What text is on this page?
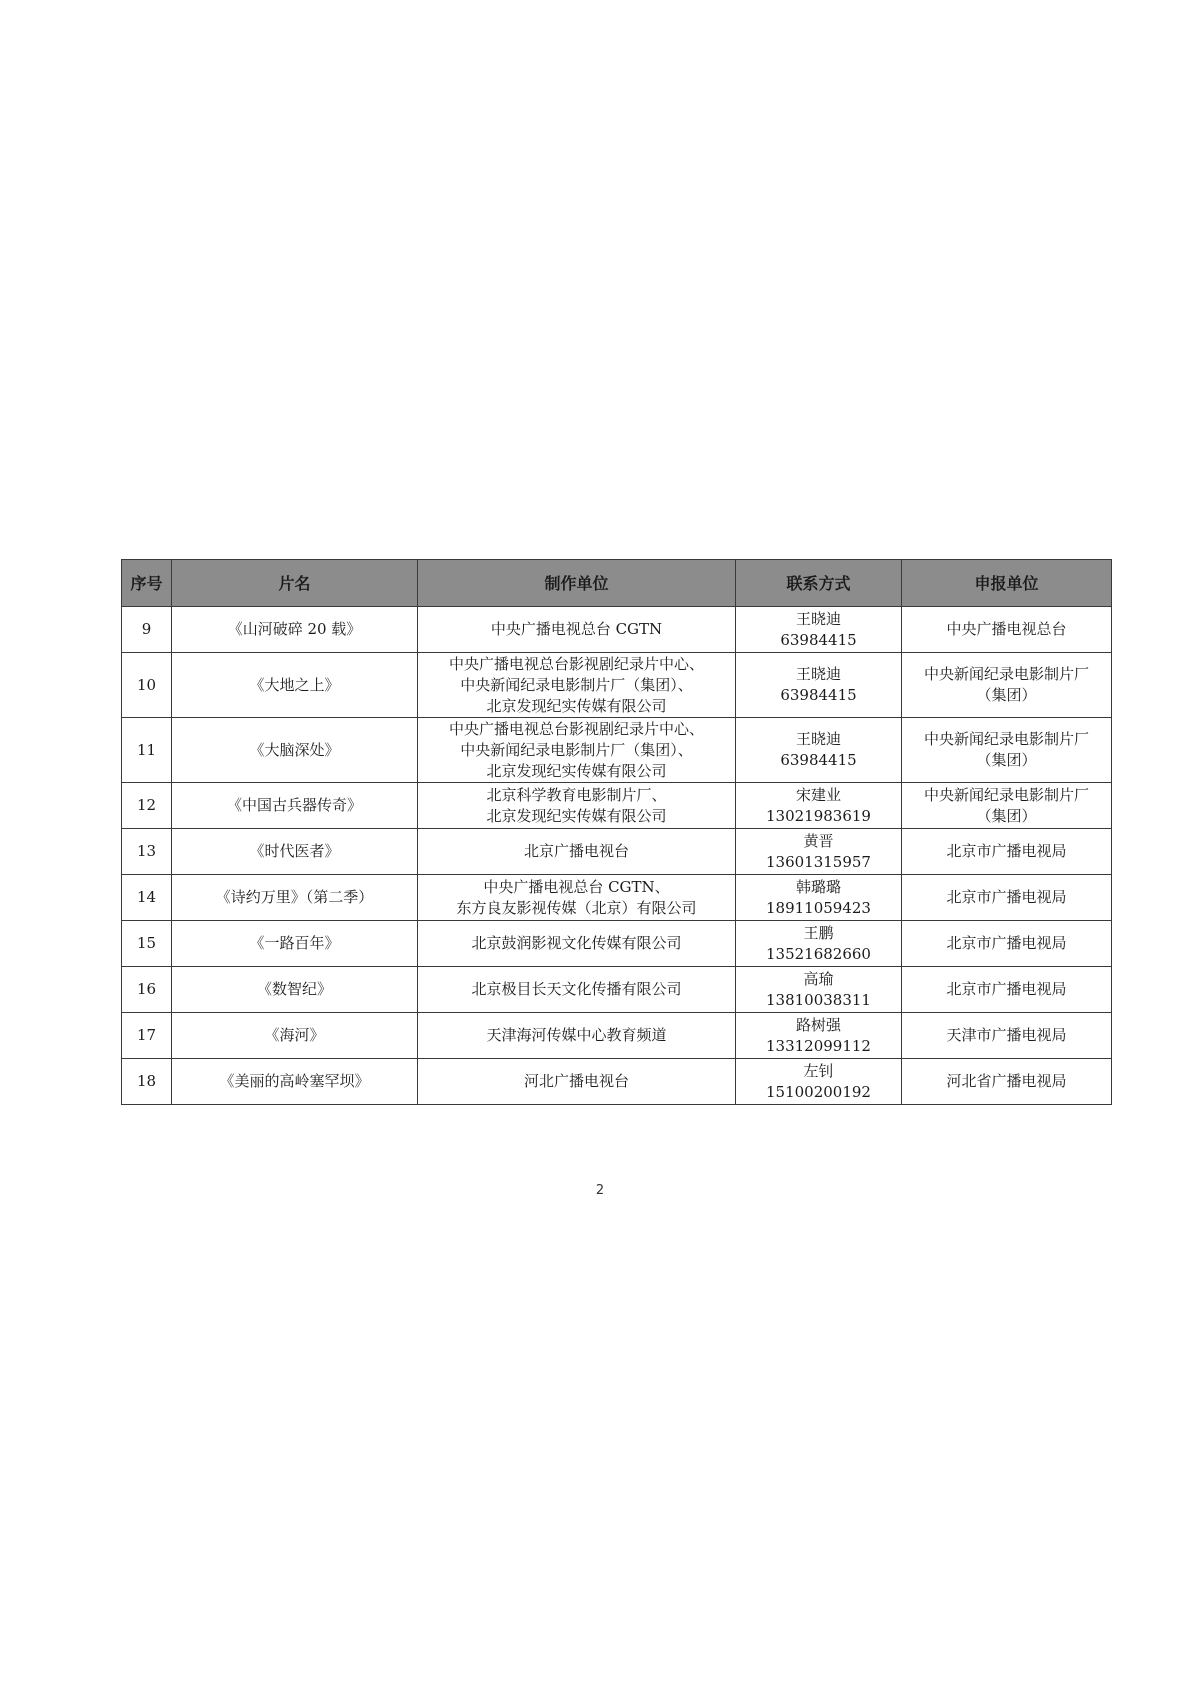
序号	片名	制作单位	联系方式	申报单位
9	《山河破碎 20 载》	中央广播电视总台 CGTN	王晓迪
63984415	中央广播电视总台

10	《大地之上》	中央广播电视总台影视剧纪录片中心、
中央新闻纪录电影制片厂（集团）、
北京发现纪实传媒有限公司	王晓迪
63984415	中央新闻纪录电影制片厂
（集团）

11	《大脑深处》	中央广播电视总台影视剧纪录片中心、
中央新闻纪录电影制片厂（集团）、
北京发现纪实传媒有限公司	王晓迪
63984415	中央新闻纪录电影制片厂
（集团）

12	《中国古兵器传奇》	北京科学教育电影制片厂、
北京发现纪实传媒有限公司	宋建业
13021983619	中央新闻纪录电影制片厂
（集团）

13	《时代医者》	北京广播电视台	黄晋
13601315957	北京市广播电视局

14	《诗约万里》（第二季）	中央广播电视总台 CGTN、
东方良友影视传媒（北京）有限公司	韩璐璐
18911059423	北京市广播电视局

15	《一路百年》	北京鼓润影视文化传媒有限公司	王鹏
13521682660	北京市广播电视局

16	《数智纪》	北京极目长天文化传播有限公司	高瑜
13810038311	北京市广播电视局

17	《海河》	天津海河传媒中心教育频道	路树强
13312099112	天津市广播电视局

18	《美丽的高岭塞罕坝》	河北广播电视台	左钊
15100200192	河北省广播电视局
2
